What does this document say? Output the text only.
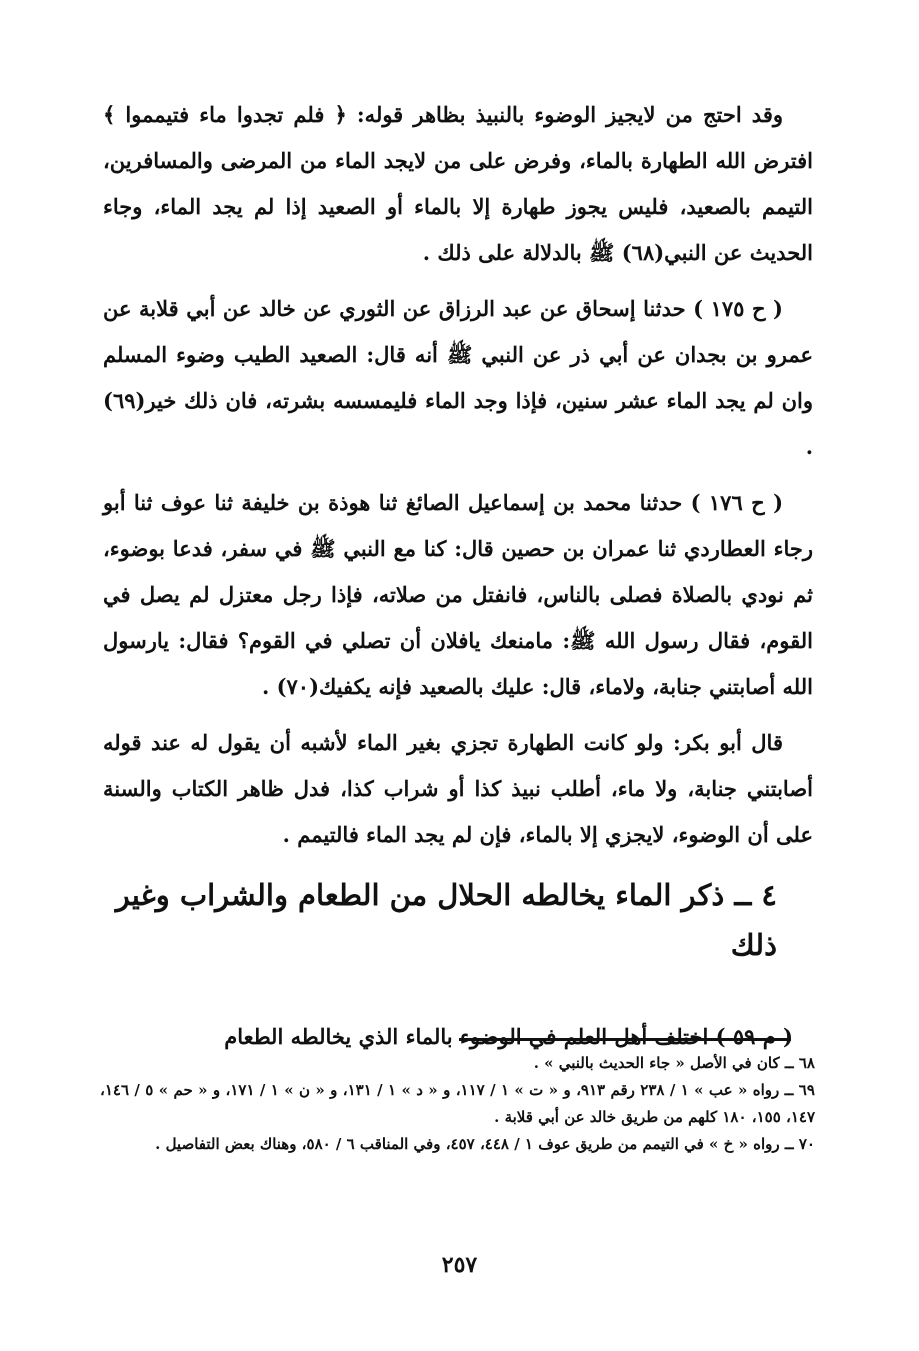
وقد احتج من لايجيز الوضوء بالنبيذ بظاهر قوله: ﴿ فلم تجدوا ماء فتيمموا ﴾ افترض الله الطهارة بالماء، وفرض على من لايجد الماء من المرضى والمسافرين، التيمم بالصعيد، فليس يجوز طهارة إلا بالماء أو الصعيد إذا لم يجد الماء، وجاء الحديث عن النبي(٦٨) ﷺ بالدلالة على ذلك .

( ح ١٧٥ ) حدثنا إسحاق عن عبد الرزاق عن الثوري عن خالد عن أبي قلابة عن عمرو بن بجدان عن أبي ذر عن النبي ﷺ أنه قال: الصعيد الطيب وضوء المسلم وان لم يجد الماء عشر سنين، فإذا وجد الماء فليمسسه بشرته، فان ذلك خير(٦٩) .

( ح ١٧٦ ) حدثنا محمد بن إسماعيل الصائغ ثنا هوذة بن خليفة ثنا عوف ثنا أبو رجاء العطاردي ثنا عمران بن حصين قال: كنا مع النبي ﷺ في سفر، فدعا بوضوء، ثم نودي بالصلاة فصلى بالناس، فانفتل من صلاته، فإذا رجل معتزل لم يصل في القوم، فقال رسول الله ﷺ: مامنعك يافلان أن تصلي في القوم؟ فقال: يارسول الله أصابتني جنابة، ولاماء، قال: عليك بالصعيد فإنه يكفيك(٧٠) .

قال أبو بكر: ولو كانت الطهارة تجزي بغير الماء لأشبه أن يقول له عند قوله أصابتني جنابة، ولا ماء، أطلب نبيذ كذا أو شراب كذا، فدل ظاهر الكتاب والسنة على أن الوضوء، لايجزي إلا بالماء، فإن لم يجد الماء فالتيمم .

٤ ــ ذكر الماء يخالطه الحلال من الطعام والشراب وغير ذلك

( م ٥٩ ) اختلف أهل العلم في الوضوء بالماء الذي يخالطه الطعام

٦٨ ــ كان في الأصل « جاء الحديث بالنبي » .

٦٩ ــ رواه « عب » ١ / ٢٣٨ رقم ٩١٣، و « ت » ١ / ١١٧، و « د » ١ / ١٣١، و « ن » ١ / ١٧١، و « حم » ٥ / ١٤٦، ١٤٧، ١٥٥، ١٨٠ كلهم من طريق خالد عن أبي قلابة .

٧٠ ــ رواه « خ » في التيمم من طريق عوف ١ / ٤٤٨، ٤٥٧، وفي المناقب ٦ / ٥٨٠، وهناك بعض التفاصيل .

٢٥٧
